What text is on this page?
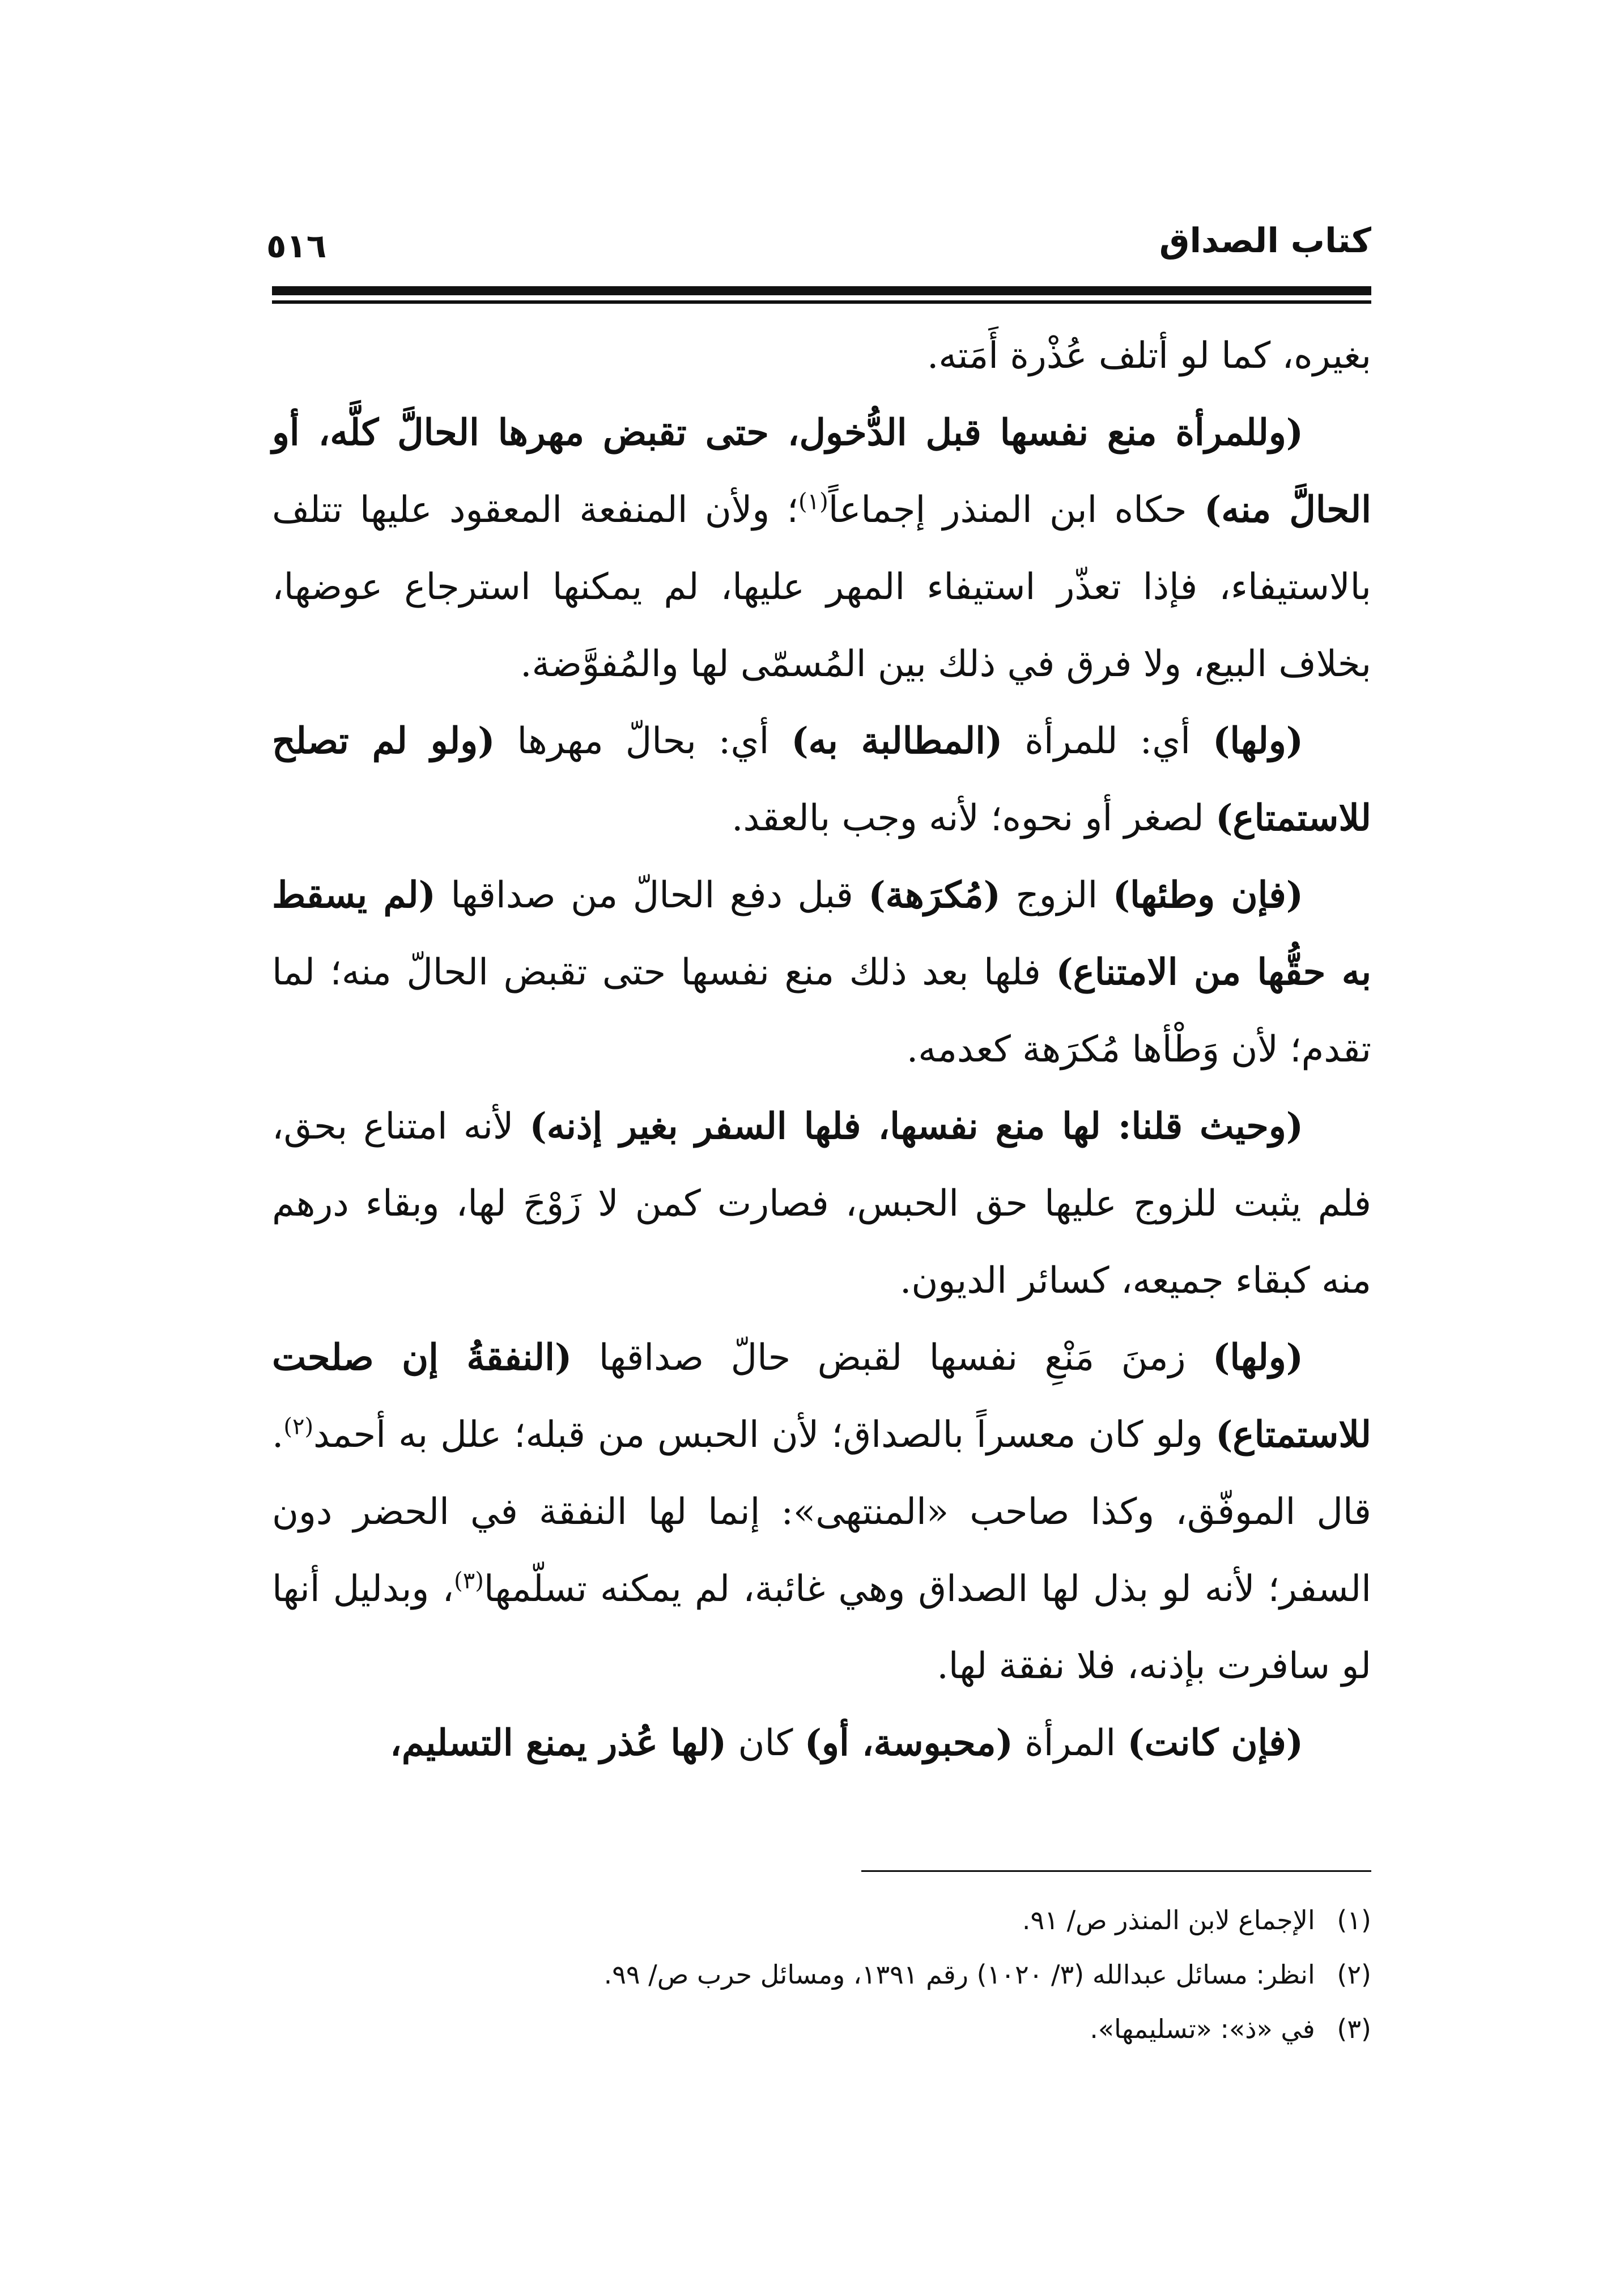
٥١٦	كتاب الصداق

بغيره، كما لو أتلف عُذْرة أَمَته.

(وللمرأة منع نفسها قبل الدُّخول، حتى تقبض مهرها الحالَّ كلَّه، أو الحالَّ منه) حكاه ابن المنذر إجماعاً$^{(١)}$؛ ولأن المنفعة المعقود عليها تتلف بالاستيفاء، فإذا تعذّر استيفاء المهر عليها، لم يمكنها استرجاع عوضها، بخلاف البيع، ولا فرق في ذلك بين المُسمّى لها والمُفوَّضة.

(ولها) أي: للمرأة (المطالبة به) أي: بحالّ مهرها (ولو لم تصلح للاستمتاع) لصغر أو نحوه؛ لأنه وجب بالعقد.

(فإن وطئها) الزوج (مُكرَهة) قبل دفع الحالّ من صداقها (لم يسقط به حقُّها من الامتناع) فلها بعد ذلك منع نفسها حتى تقبض الحالّ منه؛ لما تقدم؛ لأن وَطْأها مُكرَهة كعدمه.

(وحيث قلنا: لها منع نفسها، فلها السفر بغير إذنه) لأنه امتناع بحق، فلم يثبت للزوج عليها حق الحبس، فصارت كمن لا زَوْجَ لها، وبقاء درهم منه كبقاء جميعه، كسائر الديون.

(ولها) زمنَ مَنْعِ نفسها لقبض حالّ صداقها (النفقةُ إن صلحت للاستمتاع) ولو كان معسراً بالصداق؛ لأن الحبس من قبله؛ علل به أحمد$^{(٢)}$. قال الموفّق، وكذا صاحب «المنتهى»: إنما لها النفقة في الحضر دون السفر؛ لأنه لو بذل لها الصداق وهي غائبة، لم يمكنه تسلّمها$^{(٣)}$، وبدليل أنها لو سافرت بإذنه، فلا نفقة لها.

(فإن كانت) المرأة (محبوسة، أو) كان (لها عُذر يمنع التسليم،

(١) الإجماع لابن المنذر ص/ ٩١.

(٢) انظر: مسائل عبدالله (٣/ ١٠٢٠) رقم ١٣٩١، ومسائل حرب ص/ ٩٩.

(٣) في «ذ»: «تسليمها».
